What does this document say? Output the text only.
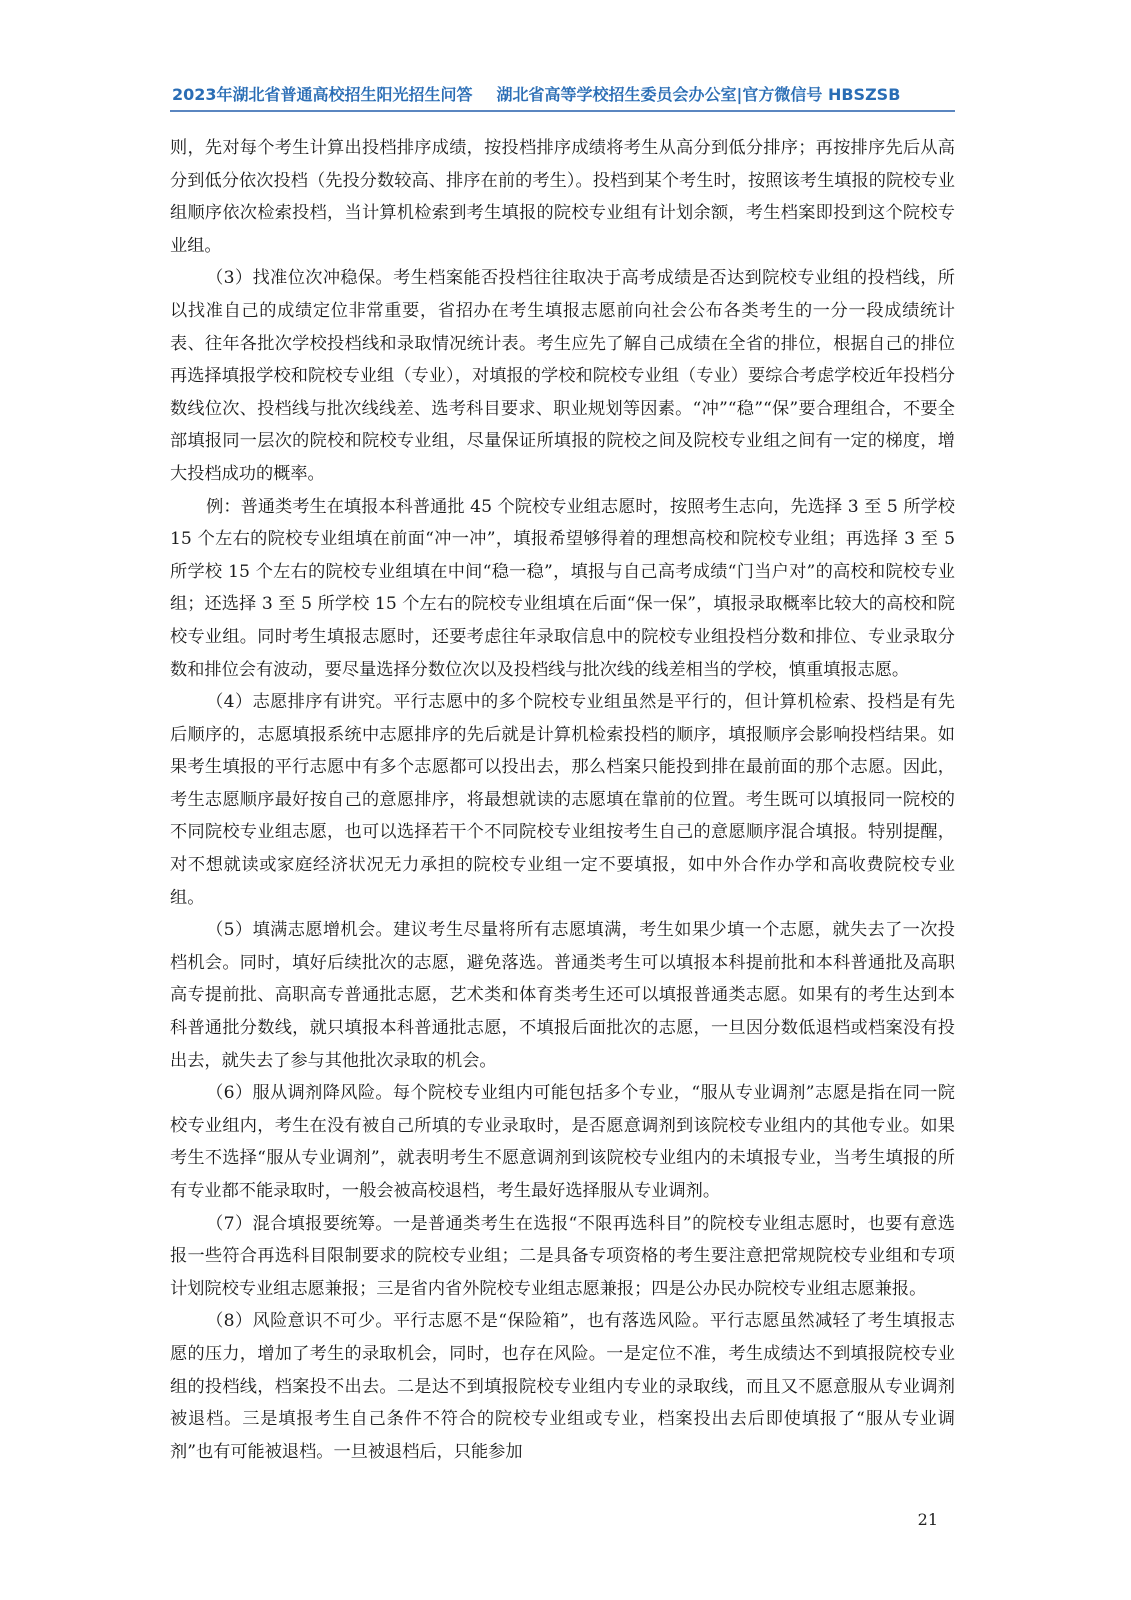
2023年湖北省普通高校招生阳光招生问答 湖北省高等学校招生委员会办公室|官方微信号 HBSZSB

则，先对每个考生计算出投档排序成绩，按投档排序成绩将考生从高分到低分排序；再按排序先后从高分到低分依次投档（先投分数较高、排序在前的考生）。投档到某个考生时，按照该考生填报的院校专业组顺序依次检索投档，当计算机检索到考生填报的院校专业组有计划余额，考生档案即投到这个院校专业组。

（3）找准位次冲稳保。考生档案能否投档往往取决于高考成绩是否达到院校专业组的投档线，所以找准自己的成绩定位非常重要，省招办在考生填报志愿前向社会公布各类考生的一分一段成绩统计表、往年各批次学校投档线和录取情况统计表。考生应先了解自己成绩在全省的排位，根据自己的排位再选择填报学校和院校专业组（专业），对填报的学校和院校专业组（专业）要综合考虑学校近年投档分数线位次、投档线与批次线线差、选考科目要求、职业规划等因素。“冲”“稳”“保”要合理组合，不要全部填报同一层次的院校和院校专业组，尽量保证所填报的院校之间及院校专业组之间有一定的梯度，增大投档成功的概率。

例：普通类考生在填报本科普通批 45 个院校专业组志愿时，按照考生志向，先选择 3 至 5 所学校 15 个左右的院校专业组填在前面“冲一冲”，填报希望够得着的理想高校和院校专业组；再选择 3 至 5 所学校 15 个左右的院校专业组填在中间“稳一稳”，填报与自己高考成绩“门当户对”的高校和院校专业组；还选择 3 至 5 所学校 15 个左右的院校专业组填在后面“保一保”，填报录取概率比较大的高校和院校专业组。同时考生填报志愿时，还要考虑往年录取信息中的院校专业组投档分数和排位、专业录取分数和排位会有波动，要尽量选择分数位次以及投档线与批次线的线差相当的学校，慎重填报志愿。

（4）志愿排序有讲究。平行志愿中的多个院校专业组虽然是平行的，但计算机检索、投档是有先后顺序的，志愿填报系统中志愿排序的先后就是计算机检索投档的顺序，填报顺序会影响投档结果。如果考生填报的平行志愿中有多个志愿都可以投出去，那么档案只能投到排在最前面的那个志愿。因此，考生志愿顺序最好按自己的意愿排序，将最想就读的志愿填在靠前的位置。考生既可以填报同一院校的不同院校专业组志愿，也可以选择若干个不同院校专业组按考生自己的意愿顺序混合填报。特别提醒，对不想就读或家庭经济状况无力承担的院校专业组一定不要填报，如中外合作办学和高收费院校专业组。

（5）填满志愿增机会。建议考生尽量将所有志愿填满，考生如果少填一个志愿，就失去了一次投档机会。同时，填好后续批次的志愿，避免落选。普通类考生可以填报本科提前批和本科普通批及高职高专提前批、高职高专普通批志愿，艺术类和体育类考生还可以填报普通类志愿。如果有的考生达到本科普通批分数线，就只填报本科普通批志愿，不填报后面批次的志愿，一旦因分数低退档或档案没有投出去，就失去了参与其他批次录取的机会。

（6）服从调剂降风险。每个院校专业组内可能包括多个专业，“服从专业调剂”志愿是指在同一院校专业组内，考生在没有被自己所填的专业录取时，是否愿意调剂到该院校专业组内的其他专业。如果考生不选择“服从专业调剂”，就表明考生不愿意调剂到该院校专业组内的未填报专业，当考生填报的所有专业都不能录取时，一般会被高校退档，考生最好选择服从专业调剂。

（7）混合填报要统筹。一是普通类考生在选报“不限再选科目”的院校专业组志愿时，也要有意选报一些符合再选科目限制要求的院校专业组；二是具备专项资格的考生要注意把常规院校专业组和专项计划院校专业组志愿兼报；三是省内省外院校专业组志愿兼报；四是公办民办院校专业组志愿兼报。

（8）风险意识不可少。平行志愿不是“保险箱”，也有落选风险。平行志愿虽然减轻了考生填报志愿的压力，增加了考生的录取机会，同时，也存在风险。一是定位不准，考生成绩达不到填报院校专业组的投档线，档案投不出去。二是达不到填报院校专业组内专业的录取线，而且又不愿意服从专业调剂被退档。三是填报考生自己条件不符合的院校专业组或专业，档案投出去后即使填报了“服从专业调剂”也有可能被退档。一旦被退档后，只能参加

21
